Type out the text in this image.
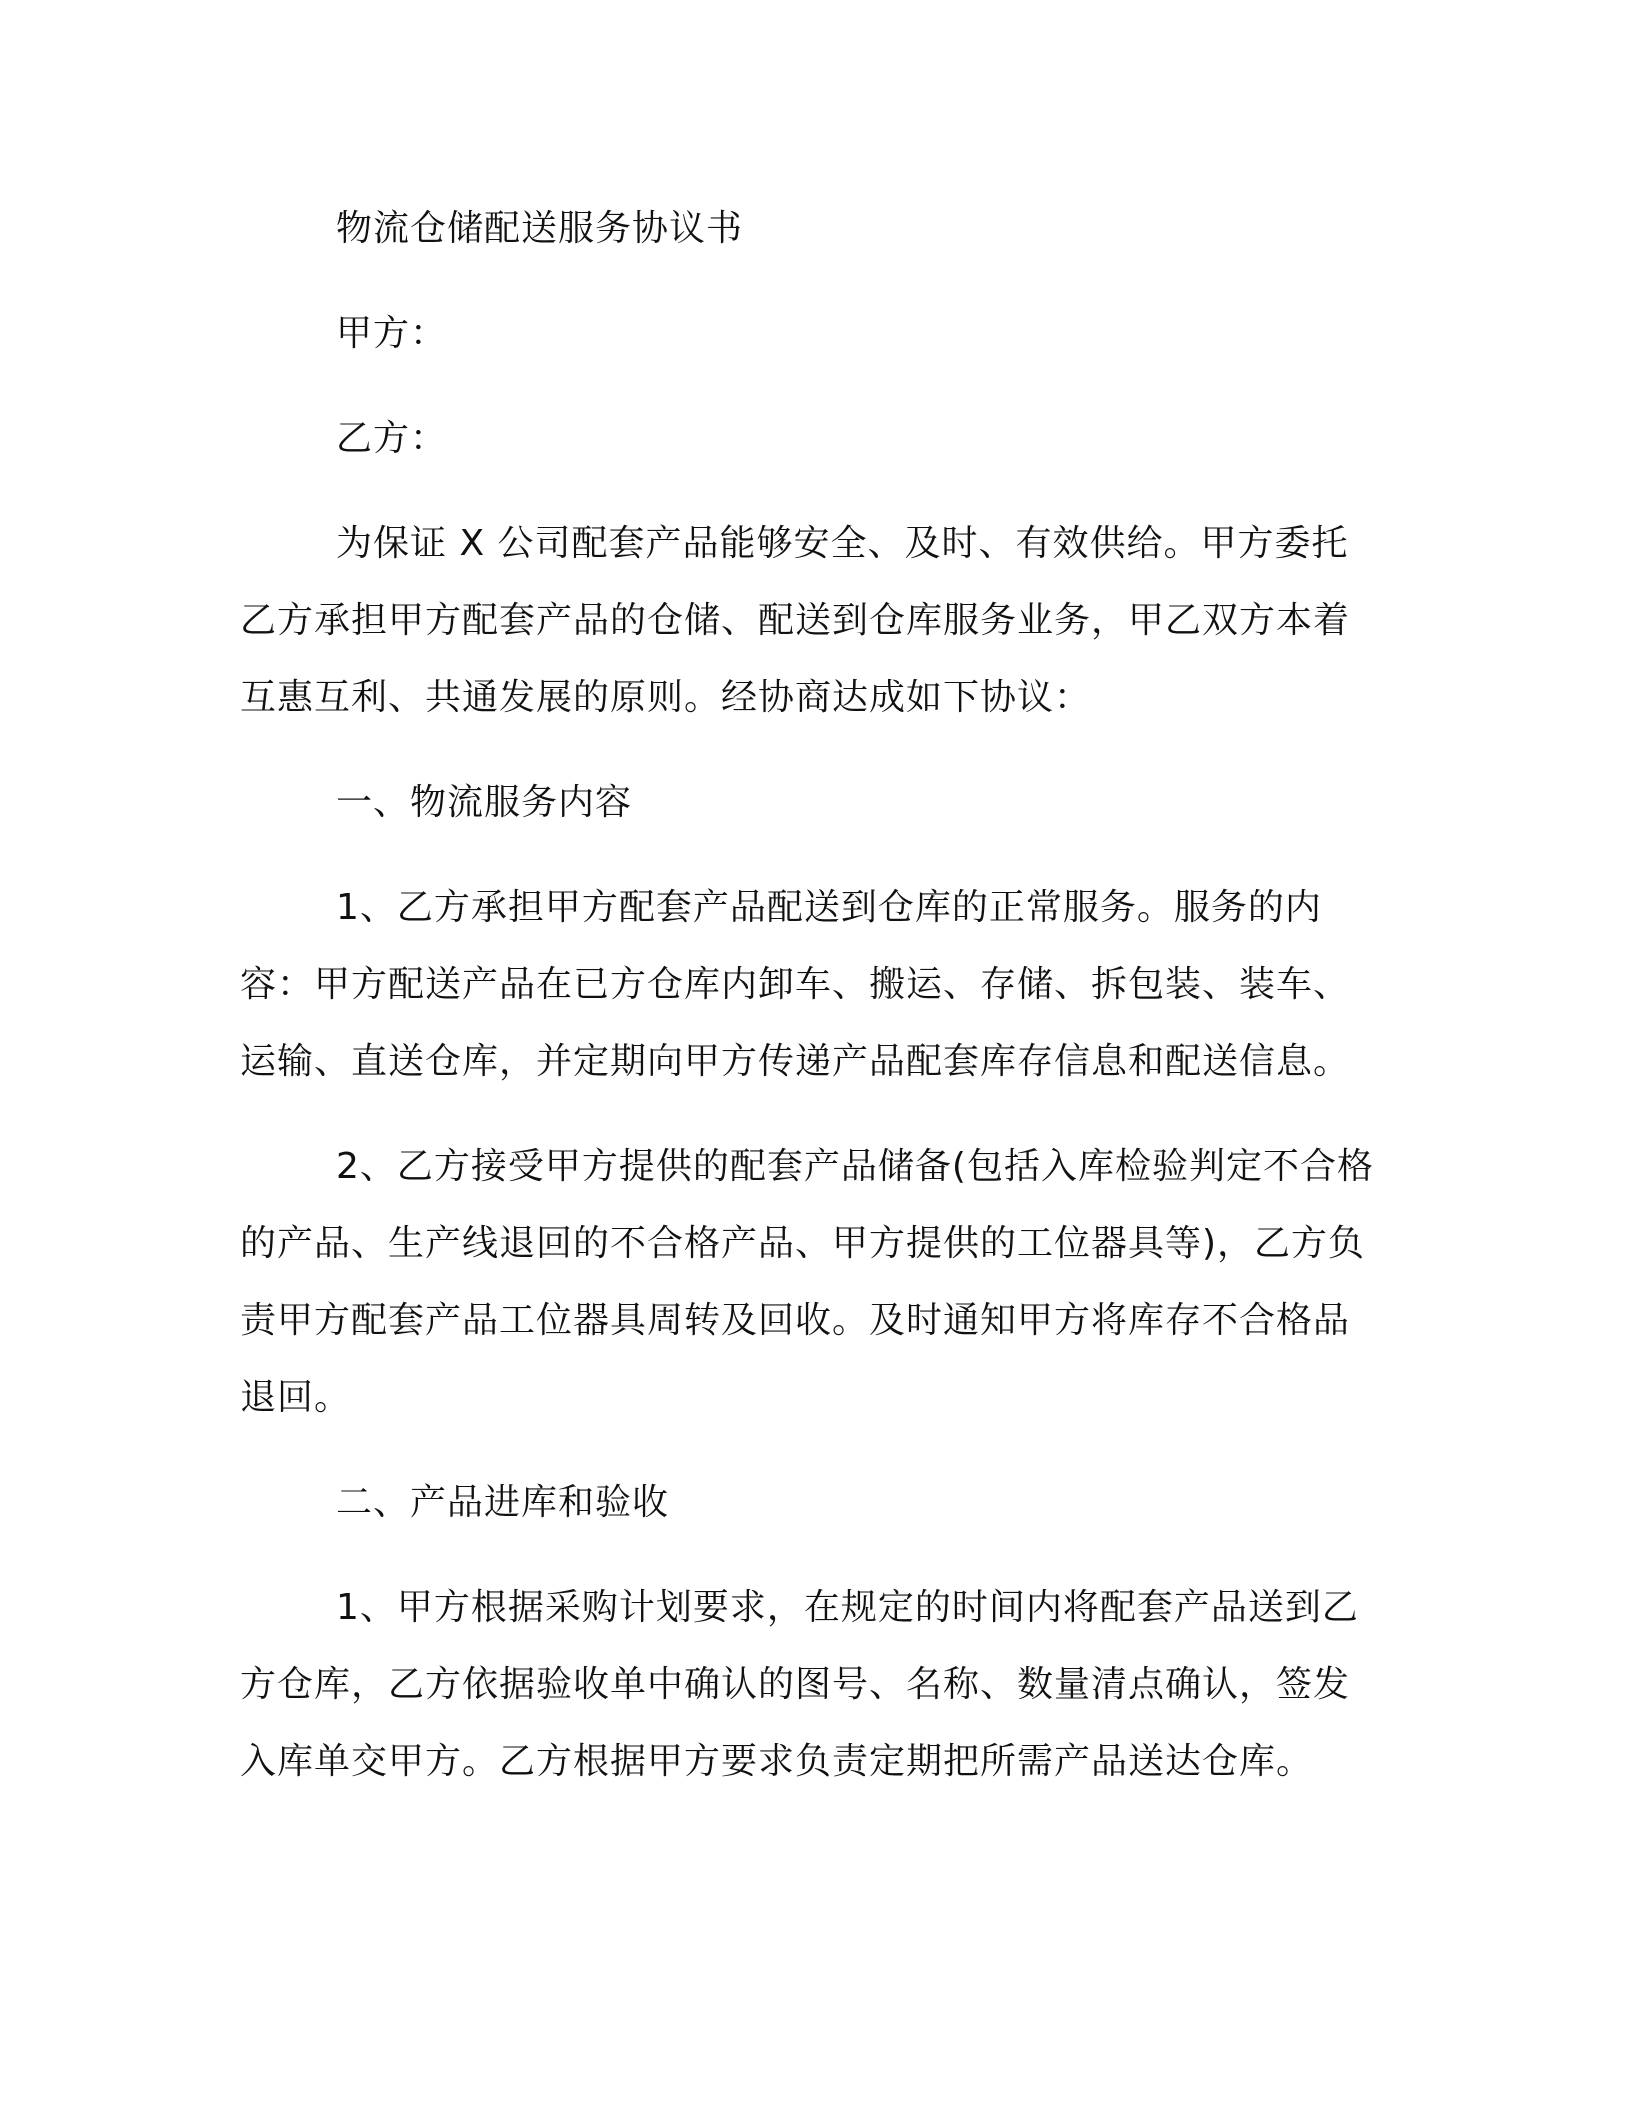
物流仓储配送服务协议书

甲方：

乙方：

为保证 X 公司配套产品能够安全、及时、有效供给。甲方委托乙方承担甲方配套产品的仓储、配送到仓库服务业务，甲乙双方本着互惠互利、共通发展的原则。经协商达成如下协议：

一、物流服务内容

1、乙方承担甲方配套产品配送到仓库的正常服务。服务的内容：甲方配送产品在已方仓库内卸车、搬运、存储、拆包装、装车、运输、直送仓库，并定期向甲方传递产品配套库存信息和配送信息。

2、乙方接受甲方提供的配套产品储备(包括入库检验判定不合格的产品、生产线退回的不合格产品、甲方提供的工位器具等)，乙方负责甲方配套产品工位器具周转及回收。及时通知甲方将库存不合格品退回。

二、产品进库和验收

1、甲方根据采购计划要求，在规定的时间内将配套产品送到乙方仓库，乙方依据验收单中确认的图号、名称、数量清点确认，签发入库单交甲方。乙方根据甲方要求负责定期把所需产品送达仓库。
